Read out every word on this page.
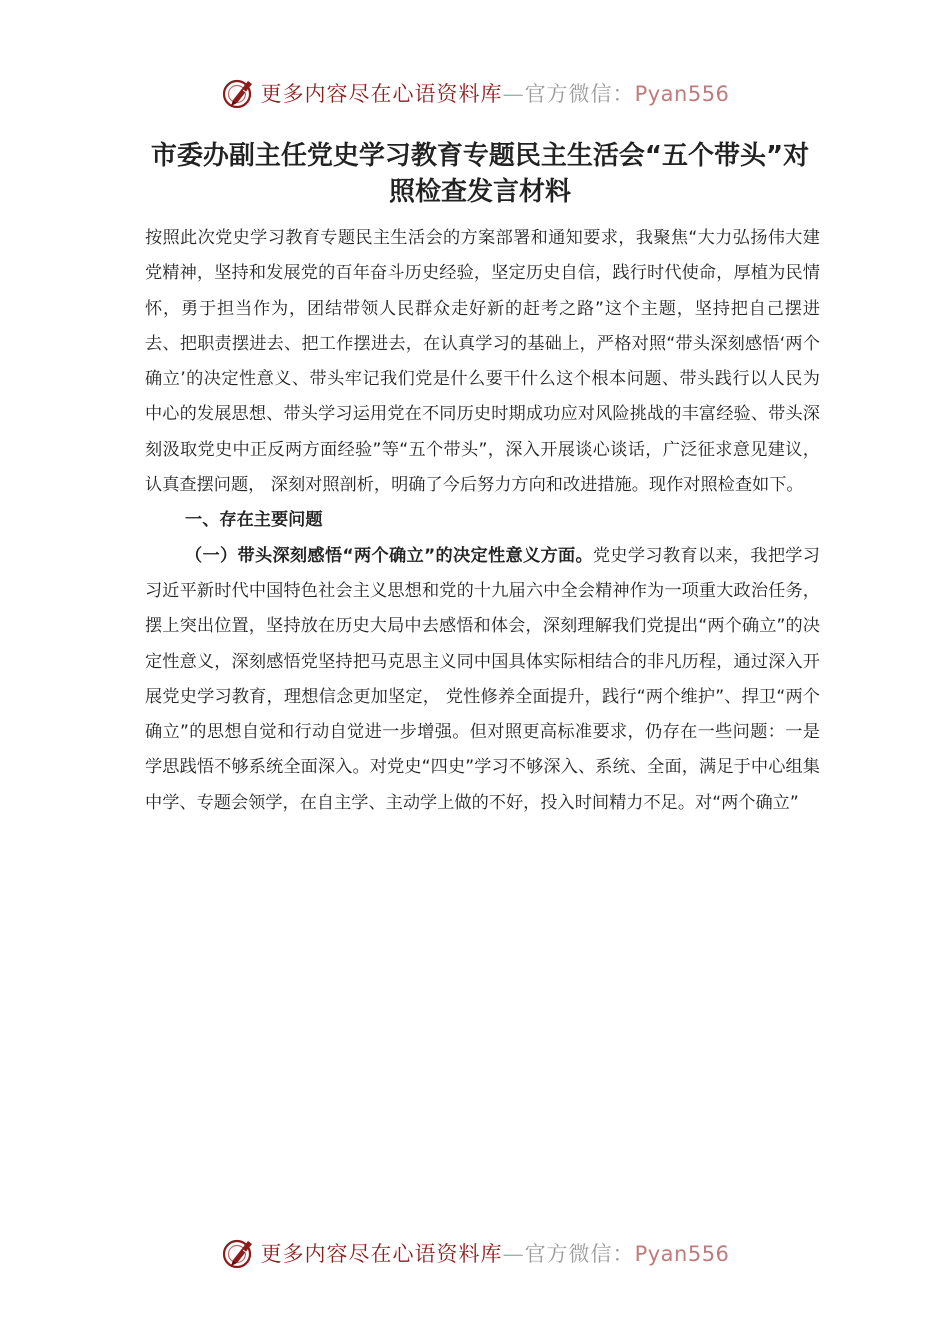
更多内容尽在心语资料库—官方微信：Pyan556
市委办副主任党史学习教育专题民主生活会“五个带头”对照检查发言材料

按照此次党史学习教育专题民主生活会的方案部署和通知要求，我聚焦“大力弘扬伟大建党精神，坚持和发展党的百年奋斗历史经验，坚定历史自信，践行时代使命，厚植为民情怀，勇于担当作为，团结带领人民群众走好新的赶考之路”这个主题，坚持把自己摆进去、把职责摆进去、把工作摆进去，在认真学习的基础上，严格对照“带头深刻感悟‘两个确立’的决定性意义、带头牢记我们党是什么要干什么这个根本问题、带头践行以人民为中心的发展思想、带头学习运用党在不同历史时期成功应对风险挑战的丰富经验、带头深刻汲取党史中正反两方面经验”等“五个带头”，深入开展谈心谈话，广泛征求意见建议，认真查摆问题， 深刻对照剖析，明确了今后努力方向和改进措施。现作对照检查如下。

一、存在主要问题

（一）带头深刻感悟“两个确立”的决定性意义方面。党史学习教育以来，我把学习习近平新时代中国特色社会主义思想和党的十九届六中全会精神作为一项重大政治任务，摆上突出位置，坚持放在历史大局中去感悟和体会，深刻理解我们党提出“两个确立”的决定性意义，深刻感悟党坚持把马克思主义同中国具体实际相结合的非凡历程，通过深入开展党史学习教育，理想信念更加坚定， 党性修养全面提升，践行“两个维护”、捍卫“两个确立”的思想自觉和行动自觉进一步增强。但对照更高标准要求，仍存在一些问题：一是学思践悟不够系统全面深入。对党史“四史”学习不够深入、系统、全面，满足于中心组集中学、专题会领学，在自主学、主动学上做的不好，投入时间精力不足。对“两个确立”

更多内容尽在心语资料库—官方微信：Pyan556
